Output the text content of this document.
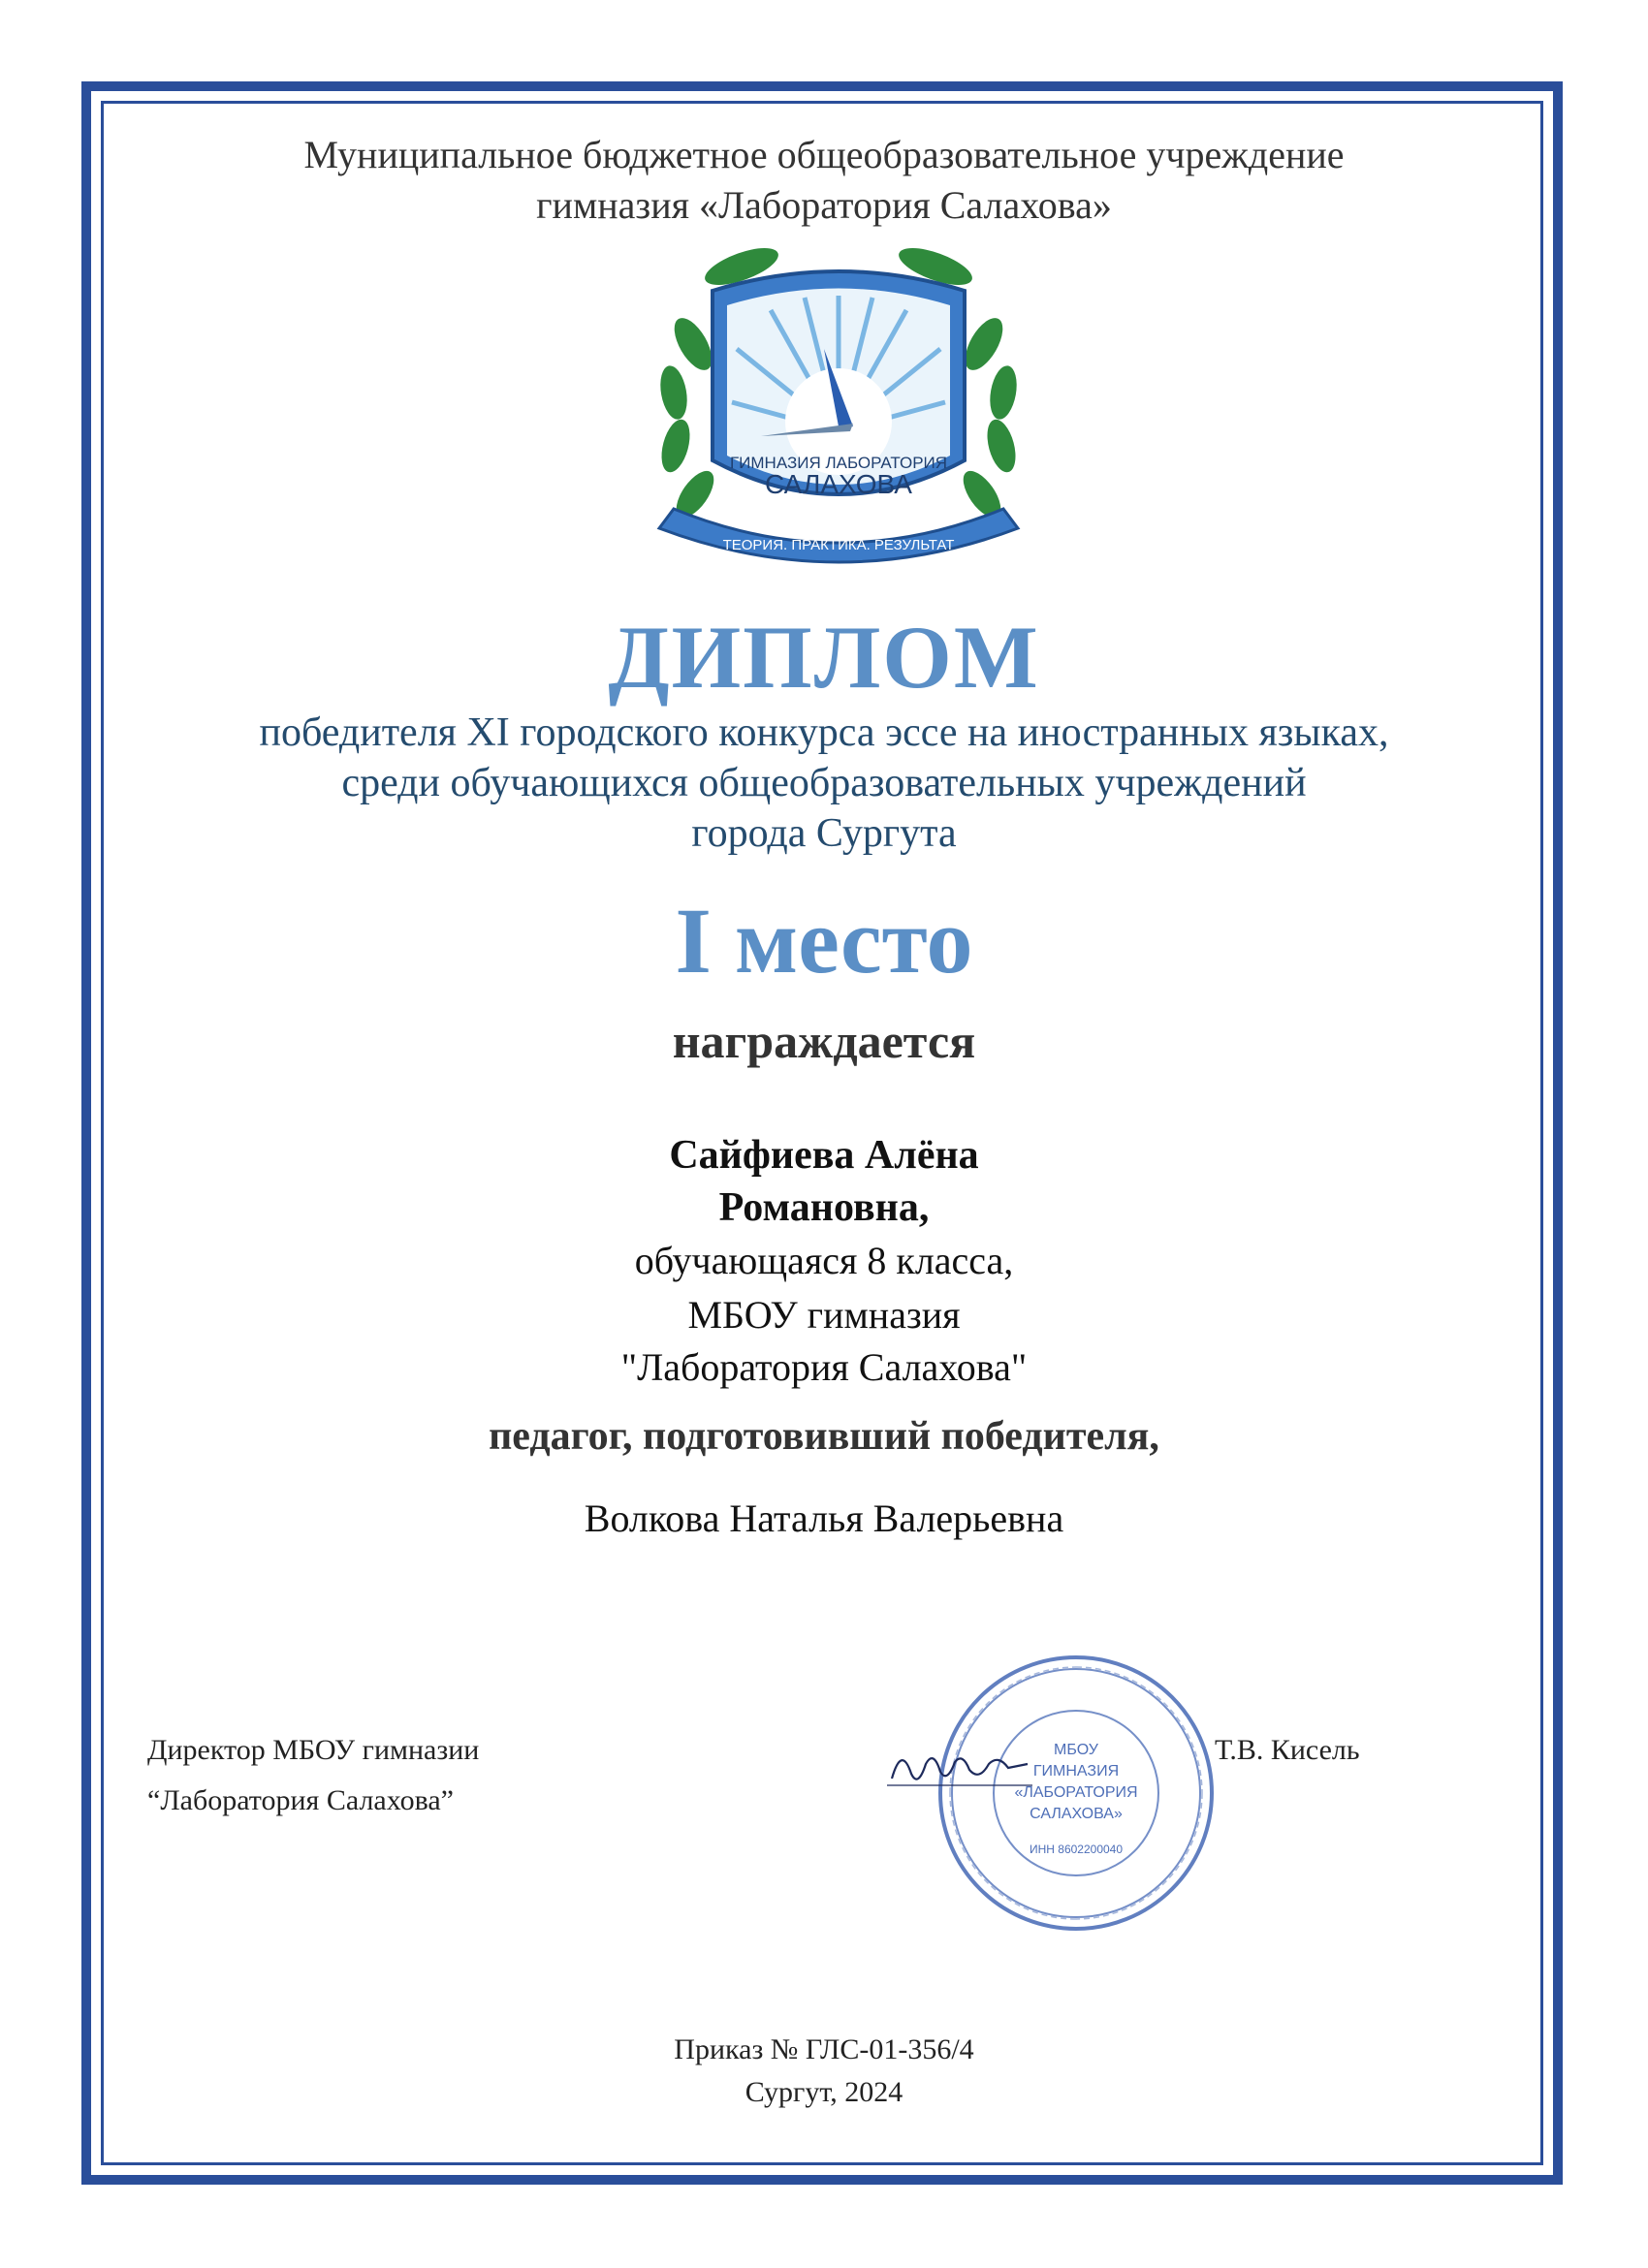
Муниципальное бюджетное общеобразовательное учреждение
гимназия «Лаборатория Салахова»
ГИМНАЗИЯ ЛАБОРАТОРИЯ
САЛАХОВА
ТЕОРИЯ. ПРАКТИКА. РЕЗУЛЬТАТ
ДИПЛОМ
победителя XI городского конкурса эссе на иностранных языках,
среди обучающихся общеобразовательных учреждений
города Сургута
I место
награждается
Сайфиева Алёна
Романовна,
обучающаяся 8 класса,
МБОУ гимназия
"Лаборатория Салахова"
педагог, подготовивший победителя,
Волкова Наталья Валерьевна
Директор МБОУ гимназии
“Лаборатория Салахова”
Т.В. Кисель
МБОУ
ГИМНАЗИЯ
«ЛАБОРАТОРИЯ
САЛАХОВА»
ИНН 8602200040
Приказ № ГЛС-01-356/4
Сургут, 2024
